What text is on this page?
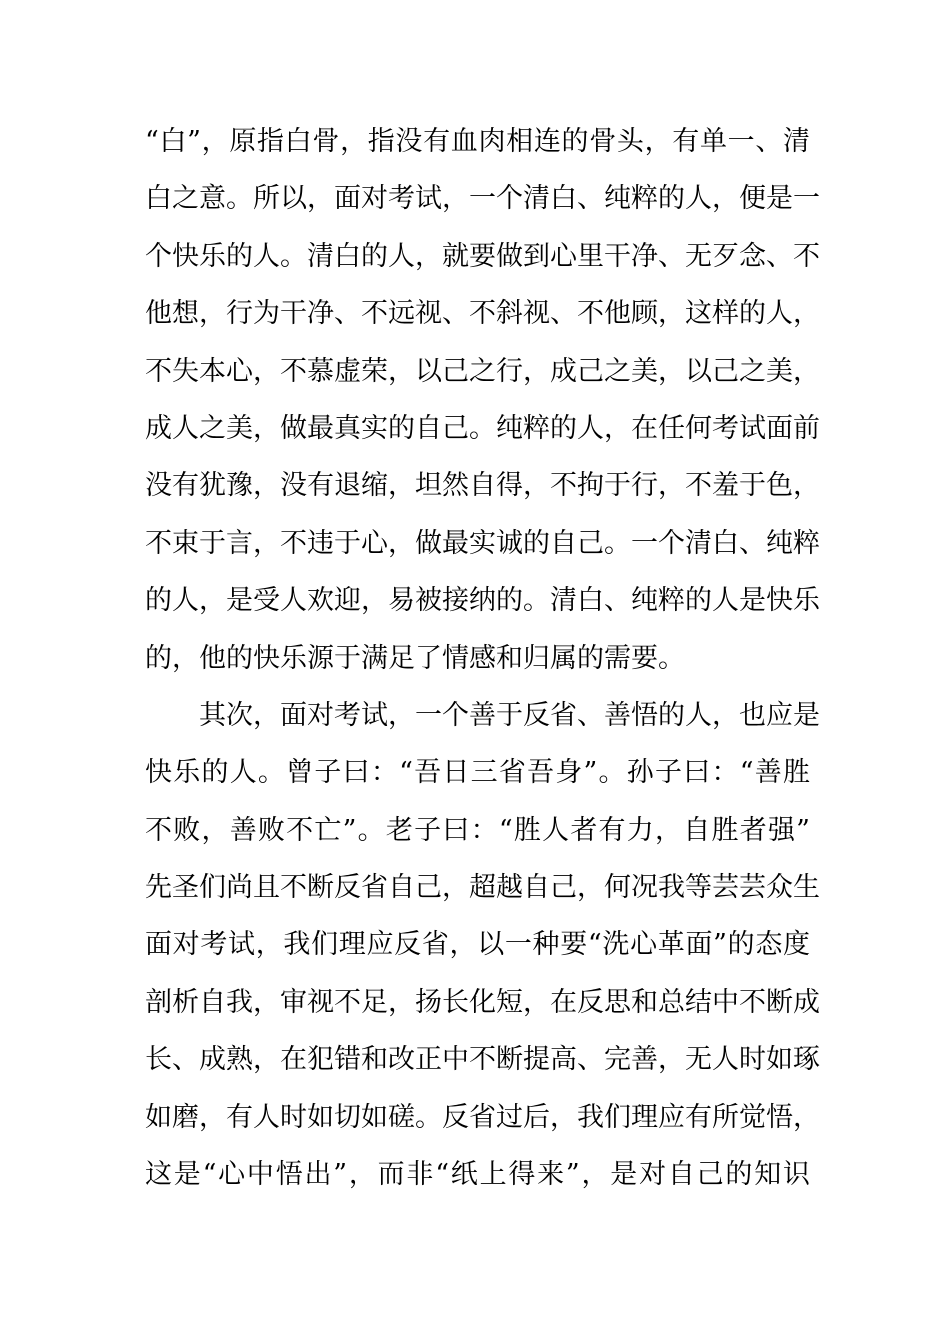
“白”，原指白骨，指没有血肉相连的骨头，有单一、清
白之意。所以，面对考试，一个清白、纯粹的人，便是一
个快乐的人。清白的人，就要做到心里干净、无歹念、不
他想，行为干净、不远视、不斜视、不他顾，这样的人，
不失本心，不慕虚荣，以己之行，成己之美，以己之美，
成人之美，做最真实的自己。纯粹的人，在任何考试面前
没有犹豫，没有退缩，坦然自得，不拘于行，不羞于色，
不束于言，不违于心，做最实诚的自己。一个清白、纯粹
的人，是受人欢迎，易被接纳的。清白、纯粹的人是快乐
的，他的快乐源于满足了情感和归属的需要。
其次，面对考试，一个善于反省、善悟的人，也应是
快乐的人。曾子曰：“吾日三省吾身”。孙子曰：“善胜
不败，善败不亡”。老子曰：“胜人者有力，自胜者强”
先圣们尚且不断反省自己，超越自己，何况我等芸芸众生
面对考试，我们理应反省，以一种要“洗心革面”的态度
剖析自我，审视不足，扬长化短，在反思和总结中不断成
长、成熟，在犯错和改正中不断提高、完善，无人时如琢
如磨，有人时如切如磋。反省过后，我们理应有所觉悟，
这是“心中悟出”，而非“纸上得来”，是对自己的知识
